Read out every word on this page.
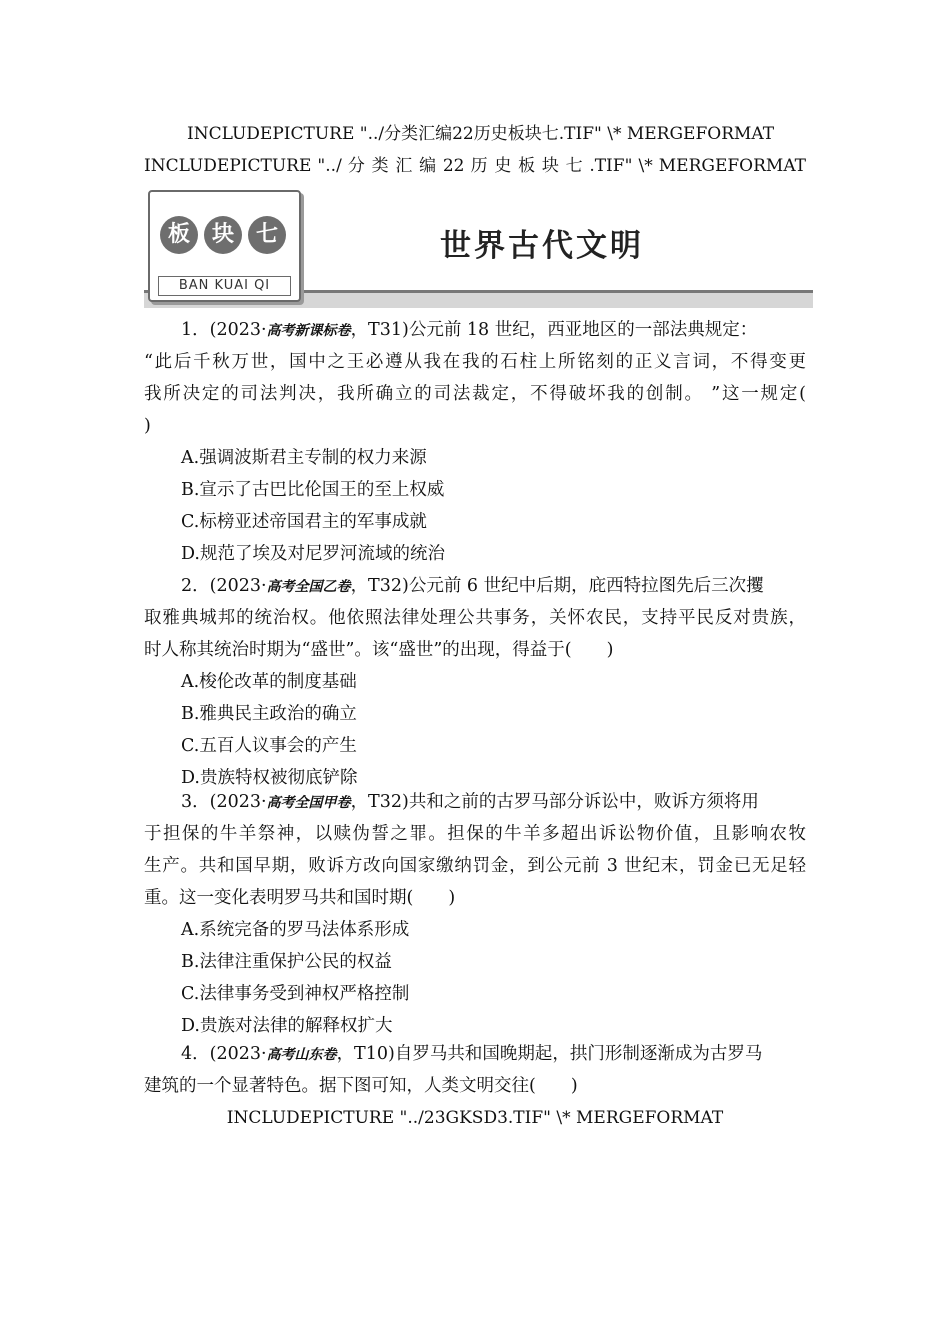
INCLUDEPICTURE "../分类汇编22历史板块七.TIF" \* MERGEFORMAT
INCLUDEPICTURE "../ 分 类 汇 编 22 历 史 板 块 七 .TIF" \* MERGEFORMAT
板 块 七
BAN KUAI QI
世界古代文明
1．(2023·高考新课标卷，T31)公元前 18 世纪，西亚地区的一部法典规定：
“此后千秋万世，国中之王必遵从我在我的石柱上所铭刻的正义言词，不得变更
我所决定的司法判决，我所确立的司法裁定，不得破坏我的创制。 ”这一规定(
)
A.强调波斯君主专制的权力来源
B.宣示了古巴比伦国王的至上权威
C.标榜亚述帝国君主的军事成就
D.规范了埃及对尼罗河流域的统治
2．(2023·高考全国乙卷，T32)公元前 6 世纪中后期，庇西特拉图先后三次攫
取雅典城邦的统治权。他依照法律处理公共事务，关怀农民，支持平民反对贵族，
时人称其统治时期为“盛世”。该“盛世”的出现，得益于(　　)
A.梭伦改革的制度基础
B.雅典民主政治的确立
C.五百人议事会的产生
D.贵族特权被彻底铲除
3．(2023·高考全国甲卷，T32)共和之前的古罗马部分诉讼中，败诉方须将用
于担保的牛羊祭神，以赎伪誓之罪。担保的牛羊多超出诉讼物价值，且影响农牧
生产。共和国早期，败诉方改向国家缴纳罚金，到公元前 3 世纪末，罚金已无足轻
重。这一变化表明罗马共和国时期(　　)
A.系统完备的罗马法体系形成
B.法律注重保护公民的权益
C.法律事务受到神权严格控制
D.贵族对法律的解释权扩大
4．(2023·高考山东卷，T10)自罗马共和国晚期起，拱门形制逐渐成为古罗马
建筑的一个显著特色。据下图可知，人类文明交往(　　)
INCLUDEPICTURE "../23GKSD3.TIF" \* MERGEFORMAT
